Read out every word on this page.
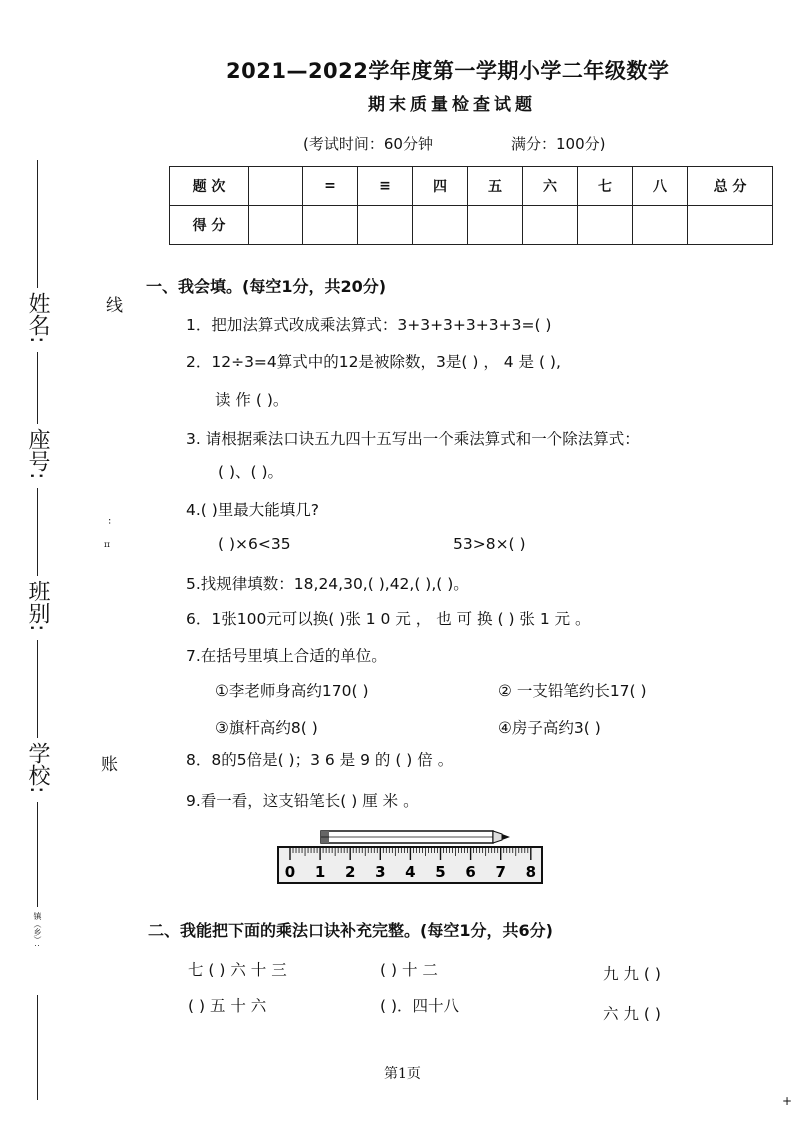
2021—2022学年度第一学期小学二年级数学
期末质量检查试题
(考试时间：60分钟	满分：100分)
题 次		=	≡	四	五	六	七	八	总 分
得 分									
姓名:
座号:
班别:
学校:
镇（乡）:
线
‥
ɪɪ
账
一、我会填。(每空1分，共20分)
1．把加法算式改成乘法算式：3+3+3+3+3+3=( )
2．12÷3=4算式中的12是被除数，3是( ) ， 4 是 ( ),
读 作 ( )。
3. 请根据乘法口诀五九四十五写出一个乘法算式和一个除法算式：
( )、( )。
4.( )里最大能填几?
( )×6<35	53>8×( )
5.找规律填数：18,24,30,( ),42,( ),( )。
6．1张100元可以换( )张 1 0 元 ， 也 可 换 ( ) 张 1 元 。
7.在括号里填上合适的单位。
①李老师身高约170( )	② 一支铅笔约长17( )
③旗杆高约8( )	④房子高约3( )
8．8的5倍是( )；3 6 是 9 的 ( ) 倍 。
9.看一看，这支铅笔长( ) 厘 米 。
0 1 2 3 4 5 6 7 8
二、我能把下面的乘法口诀补充完整。(每空1分，共6分)
七 ( ) 六 十 三	( ) 十 二	九 九 ( )
( ) 五 十 六	( )．四十八	六 九 ( )
第1页
+
